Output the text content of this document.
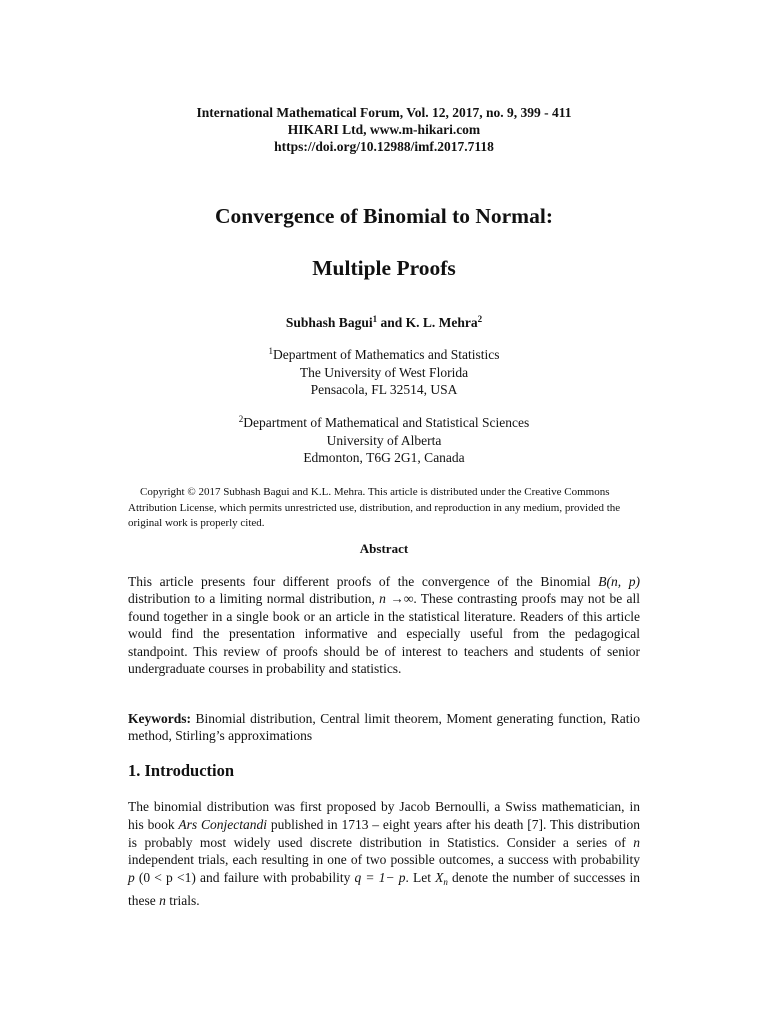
International Mathematical Forum, Vol. 12, 2017, no. 9, 399 - 411
HIKARI Ltd, www.m-hikari.com
https://doi.org/10.12988/imf.2017.7118
Convergence of Binomial to Normal:
Multiple Proofs
Subhash Bagui$^1$ and K. L. Mehra$^2$
$^1$Department of Mathematics and Statistics
The University of West Florida
Pensacola, FL 32514, USA
$^2$Department of Mathematical and Statistical Sciences
University of Alberta
Edmonton, T6G 2G1, Canada
Copyright © 2017 Subhash Bagui and K.L. Mehra. This article is distributed under the Creative Commons Attribution License, which permits unrestricted use, distribution, and reproduction in any medium, provided the original work is properly cited.
Abstract
This article presents four different proofs of the convergence of the Binomial B(n, p) distribution to a limiting normal distribution, n →∞. These contrasting proofs may not be all found together in a single book or an article in the statistical literature. Readers of this article would find the presentation informative and especially useful from the pedagogical standpoint. This review of proofs should be of interest to teachers and students of senior undergraduate courses in probability and statistics.
Keywords: Binomial distribution, Central limit theorem, Moment generating function, Ratio method, Stirling’s approximations
1. Introduction
The binomial distribution was first proposed by Jacob Bernoulli, a Swiss mathematician, in his book Ars Conjectandi published in 1713 – eight years after his death [7]. This distribution is probably most widely used discrete distribution in Statistics. Consider a series of n independent trials, each resulting in one of two possible outcomes, a success with probability p (0 < p <1) and failure with probability q = 1− p. Let $X_n$ denote the number of successes in these n trials.
